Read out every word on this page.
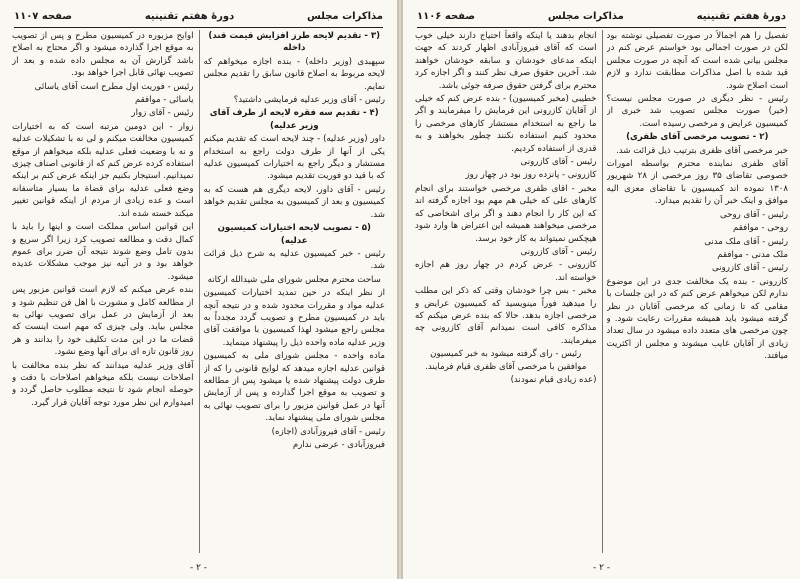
مذاکرات مجلس
دورهٔ هفتم تقنینیه
صفحه ۱۱۰۷

(۳ - تقدیم لایحه طرز افزایش قیمت قند) داخله

سپهبدی (وزیر داخله) - بنده اجازه میخواهم که لایحه مربوط به اصلاح قانون سابق را تقدیم مجلس نمایم.

رئیس - آقای وزیر عدلیه فرمایشی داشتید؟

(۴ - تقدیم سه فقره لایحه از طرف آقای وزیر عدلیه)

داور (وزیر عدلیه) - چند لایحه است که تقدیم میکنم یکی از آنها از طرف دولت راجع به استخدام مستشار و دیگر راجع به اختیارات کمیسیون عدلیه که با قید دو فوریت تقدیم میشود.

رئیس - آقای داور، لایحه دیگری هم هست که به کمیسیون و بعد از کمیسیون به مجلس تقدیم خواهد شد.

(۵ - تصویب لایحه اختیارات کمیسیون عدلیه)

رئیس - خبر کمیسیون عدلیه به شرح ذیل قرائت شد.

ساحت محترم مجلس شورای ملی شیدالله ارکانه

از نظر اینکه در حین تمدید اختیارات کمیسیون عدلیه مواد و مقررات محدود شده و در نتیجه آنچه باید در کمیسیون مطرح و تصویب گردد مجدداً به مجلس راجع میشود لهذا کمیسیون با موافقت آقای وزیر عدلیه ماده واحده ذیل را پیشنهاد مینماید.

ماده واحده - مجلس شورای ملی به کمیسیون قوانین عدلیه اجازه میدهد که لوایح قانونی را که از طرف دولت پیشنهاد شده یا میشود پس از مطالعه و تصویب به موقع اجرا گذارده و پس از آزمایش آنها در عمل قوانین مزبور را برای تصویب نهائی به مجلس شورای ملی پیشنهاد نماید.

رئیس - آقای فیروزآبادی (اجازه)

فیروزآبادی - عرضی ندارم

اوایح مزبوره در کمیسیون مطرح و پس از تصویب به موقع اجرا گذارده میشود و اگر محتاج به اصلاح باشد گزارش آن به مجلس داده شده و بعد از تصویب نهائی قابل اجرا خواهد بود.

رئیس - فوریت اول مطرح است آقای یاسائی

یاسائی - موافقم

رئیس - آقای زوار

زوار - این دومین مرتبه است که به اختیارات کمیسیون مخالفت میکنم و لی نه با تشکیلات عدلیه و نه با وضعیت فعلی عدلیه بلکه میخواهم از موقع استفاده کرده عرض کنم که از قانونی اصناف چیزی نمیدانیم. استیجار بکنیم جز اینکه عرض کنم بر اینکه وضع فعلی عدلیه برای قضاة ما بسیار متاسفانه است و عده زیادی از مردم از اینکه قوانین تغییر میکند خسته شده اند.

این قوانین اساس مملکت است و اینها را باید با کمال دقت و مطالعه تصویب کرد زیرا اگر سریع و بدون تامل وضع شوند نتیجه آن ضرر برای عموم خواهد بود و در آتیه نیز موجب مشکلات عدیده میشود.

بنده عرض میکنم که لازم است قوانین مزبور پس از مطالعه کامل و مشورت با اهل فن تنظیم شود و بعد از آزمایش در عمل برای تصویب نهائی به مجلس بیاید. ولی چیزی که مهم است اینست که قضات ما در این مدت تکلیف خود را بدانند و هر روز قانون تازه ای برای آنها وضع نشود.

آقای وزیر عدلیه میدانند که نظر بنده مخالفت با اصلاحات نیست بلکه میخواهم اصلاحات با دقت و حوصله انجام شود تا نتیجه مطلوب حاصل گردد و امیدوارم این نظر مورد توجه آقایان قرار گیرد.

- ۲ -
دورهٔ هفتم تقنینیه
مذاکرات مجلس
صفحه ۱۱۰۶

تفصیل را هم اجمالاً در صورت تفصیلی نوشته بود لکن در صورت اجمالی بود خواستم عرض کنم در مجلس بیانی شده است که آنچه در صورت مجلس قید شده با اصل مذاکرات مطابقت ندارد و لازم است اصلاح شود.

رئیس - نظر دیگری در صورت مجلس نیست؟ (خیر) صورت مجلس تصویب شد خبری از کمیسیون عرایض و مرخصی رسیده است.

(۲ - تصویب مرخصی آقای ظفری)

خبر مرخصی آقای ظفری بترتیب ذیل قرائت شد.

آقای ظفری نماینده محترم بواسطه امورات خصوصی تقاضای ۳۵ روز مرخصی از ۲۸ شهریور ۱۳۰۸ نموده اند کمیسیون با تقاضای معزی الیه موافق و اینک خبر آن را تقدیم میدارد.

رئیس - آقای روحی

روحی - موافقم

رئیس - آقای ملک مدنی

ملک مدنی - موافقم

رئیس - آقای کازرونی

کازرونی - بنده یک مخالفت جدی در این موضوع ندارم لکن میخواهم عرض کنم که در این جلسات با مقامی که تا زمانی که مرخصی آقایان در نظر گرفته میشود باید همیشه مقررات رعایت شود. و چون مرخصی های متعدد داده میشود در سال تعداد زیادی از آقایان غایب میشوند و مجلس از اکثریت میافتد.

انجام بدهند یا اینکه واقعاً احتیاج دارند خیلی خوب است که آقای فیروزآبادی اظهار کردند که جهت اینکه مدعای خودشان و سابقه خودشان خواهند شد. آخرین حقوق صرف نظر کنند و اگر اجازه کرد محترم برای گرفتن حقوق صرفه جوئی باشد.

خطیبی (مخبر کمیسیون) - بنده عرض کنم که خیلی از آقایان کازرونی این فرمایش را میفرمایند و اگر ما راجع به استخدام مستشار کارهای مرخصی را محدود کنیم استفاده نکنند چطور بخواهند و به قدری از استفاده کردیم.

رئیس - آقای کازرونی

کازرونی - پانزده روز بود در چهار روز

مخبر - اقای ظفری مرخصی خواستند برای انجام کارهای علی که خیلی هم مهم بود اجازه گرفته اند که این کار را انجام دهند و اگر برای اشخاصی که مرخصی میخواهند همیشه این اعتراض ها وارد شود هیچکس نمیتواند به کار خود برسد.

رئیس - آقای کازرونی

کازرونی - عرض کردم در چهار روز هم اجازه خواسته اند.

مخبر - بس چرا خودشان وقتی که ذکر این مطلب را میدهید فوراً مینویسید که کمیسیون عرایض و مرخصی اجازه بدهد. حالا که بنده عرض میکنم که مذاکره کافی است نمیدانم آقای کازرونی چه میفرمایند.

رئیس - رای گرفته میشود به خبر کمیسیون موافقین با مرخصی آقای ظفری قیام فرمایند.

(عده زیادی قیام نمودند)

- ۲ -
